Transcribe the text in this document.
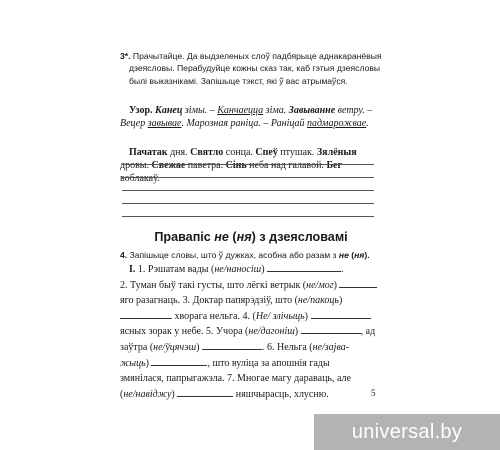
3*. Прачытайце. Да выдзеленых слоў падбярыце аднакаранёвыя
дзеясловы. Перабудуйце кожны сказ так, каб гэтыя дзеясловы
былі выказнікамі. Запішыце тэкст, які ў вас атрымаўся.
Узор. Канец зімы. – Канчаецца зіма. Завыванне ветру. –
Вецер завывае. Марозная раніца. – Раніцай падмарожвае.
Пачатак дня. Святло сонца. Спеў птушак. Зялёныя
дровы. Свежае паветра. Сінь неба над галавой. Бег воблакаў.
Правапіс не (ня) з дзеясловамі
4. Запішыце словы, што ў дужках, асобна або разам з не (ня).
I. 1. Рэшатам вады (не/наносіш)	.
2. Туман быў такі густы, што лёгкі ветрык (не/мог)
яго разагнаць. 3. Доктар папярэдзіў, што (не/пакоць)
хворага нельга. 4. (Не/ злічыць)
ясных зорак у небе. 5. Учора (не/дагоніш)	, ад
заўтра (не/ўцячэш)	. 6. Нельга (не/зајва-
жыць)	, што вуліца за апошнія гады
змянілася, папрыгажэла. 7. Многае магу дараваць, але
(не/навіджу)	няшчырасць, хлусню.	5
universal.by
